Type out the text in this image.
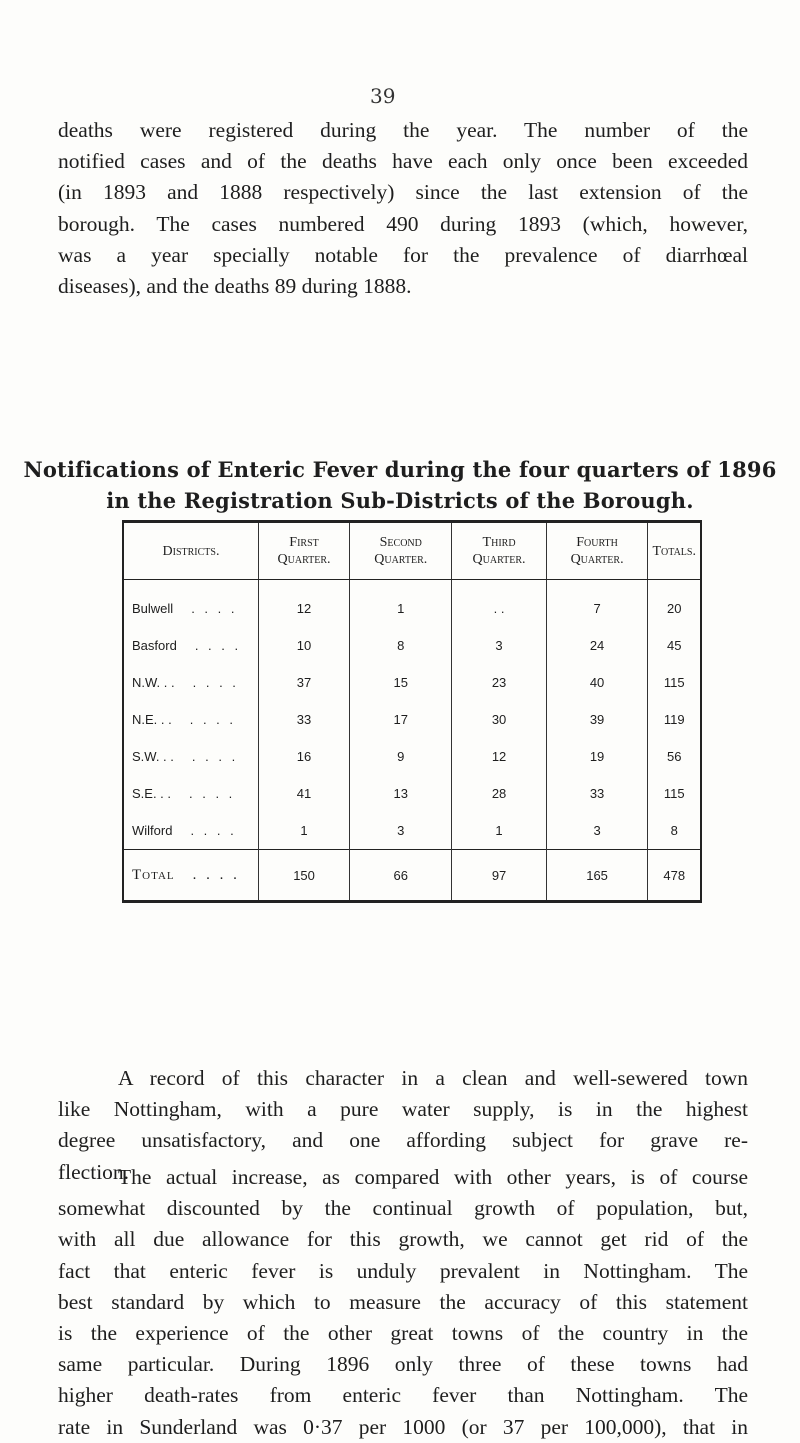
39
deaths were registered during the year. The number of the
notified cases and of the deaths have each only once been exceeded
(in 1893 and 1888 respectively) since the last extension of the
borough. The cases numbered 490 during 1893 (which, however,
was a year specially notable for the prevalence of diarrhœal
diseases), and the deaths 89 during 1888.
Notifications of Enteric Fever during the four quarters of 1896
in the Registration Sub-Districts of the Borough.
Districts.	First Quarter.	Second Quarter.	Third Quarter.	Fourth Quarter.	Totals.
Bulwell . . . .	12	1	. .	7	20
Basford . . . .	10	8	3	24	45
N.W. . . . . . .	37	15	23	40	115
N.E. . . . . . .	33	17	30	39	119
S.W. . . . . . .	16	9	12	19	56
S.E. . . . . . .	41	13	28	33	115
Wilford . . . .	1	3	1	3	8
Total . . . .	150	66	97	165	478
A record of this character in a clean and well-sewered town
like Nottingham, with a pure water supply, is in the highest
degree unsatisfactory, and one affording subject for grave re-
flection.
The actual increase, as compared with other years, is of course
somewhat discounted by the continual growth of population, but,
with all due allowance for this growth, we cannot get rid of the
fact that enteric fever is unduly prevalent in Nottingham. The
best standard by which to measure the accuracy of this statement
is the experience of the other great towns of the country in the
same particular. During 1896 only three of these towns had
higher death-rates from enteric fever than Nottingham. The
rate in Sunderland was 0·37 per 1000 (or 37 per 100,000), that in
